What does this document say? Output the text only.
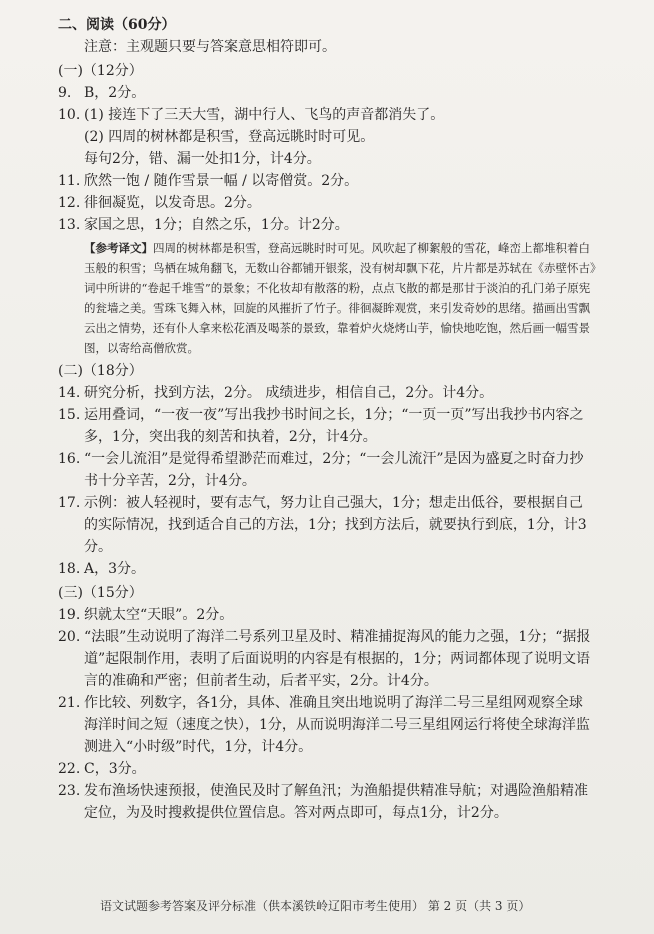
二、阅读（60分）
注意：主观题只要与答案意思相符即可。
(一)（12分）
9. B，2分。
10. (1) 接连下了三天大雪，湖中行人、飞鸟的声音都消失了。
(2) 四周的树林都是积雪，登高远眺时时可见。
每句2分，错、漏一处扣1分，计4分。
11. 欣然一饱 / 随作雪景一幅 / 以寄僧赏。2分。
12. 徘徊凝览，以发奇思。2分。
13. 家国之思，1分；自然之乐，1分。计2分。
【参考译文】四周的树林都是积雪，登高远眺时时可见。风吹起了柳絮般的雪花，峰峦上都堆积着白玉般的积雪；鸟栖在城角翻飞，无数山谷都铺开银浆，没有树却飘下花，片片都是苏轼在《赤壁怀古》词中所讲的“卷起千堆雪”的景象；不化妆却有散落的粉，点点飞散的都是那甘于淡泊的孔门弟子原宪的瓮墙之美。雪珠飞舞入林，回旋的风摧折了竹子。徘徊凝眸观赏，来引发奇妙的思绪。描画出雪飘云出之情势，还有仆人拿来松花酒及喝茶的景致，靠着炉火烧烤山芋，愉快地吃饱，然后画一幅雪景图，以寄给高僧欣赏。
(二)（18分）
14. 研究分析，找到方法，2分。 成绩进步，相信自己，2分。计4分。
15. 运用叠词，“一夜一夜”写出我抄书时间之长，1分；“一页一页”写出我抄书内容之多，1分，突出我的刻苦和执着，2分，计4分。
16. “一会儿流泪”是觉得希望渺茫而难过，2分；“一会儿流汗”是因为盛夏之时奋力抄书十分辛苦，2分，计4分。
17. 示例：被人轻视时，要有志气，努力让自己强大，1分；想走出低谷，要根据自己的实际情况，找到适合自己的方法，1分；找到方法后，就要执行到底，1分，计3分。
18. A，3分。
(三)（15分）
19. 织就太空“天眼”。2分。
20. “法眼”生动说明了海洋二号系列卫星及时、精准捕捉海风的能力之强，1分；“据报道”起限制作用，表明了后面说明的内容是有根据的，1分；两词都体现了说明文语言的准确和严密；但前者生动，后者平实，2分。计4分。
21. 作比较、列数字，各1分，具体、准确且突出地说明了海洋二号三星组网观察全球海洋时间之短（速度之快），1分，从而说明海洋二号三星组网运行将使全球海洋监测进入“小时级”时代，1分，计4分。
22. C，3分。
23. 发布渔场快速预报，使渔民及时了解鱼汛；为渔船提供精准导航；对遇险渔船精准定位，为及时搜救提供位置信息。答对两点即可，每点1分，计2分。
语文试题参考答案及评分标准（供本溪铁岭辽阳市考生使用） 第 2 页（共 3 页）
